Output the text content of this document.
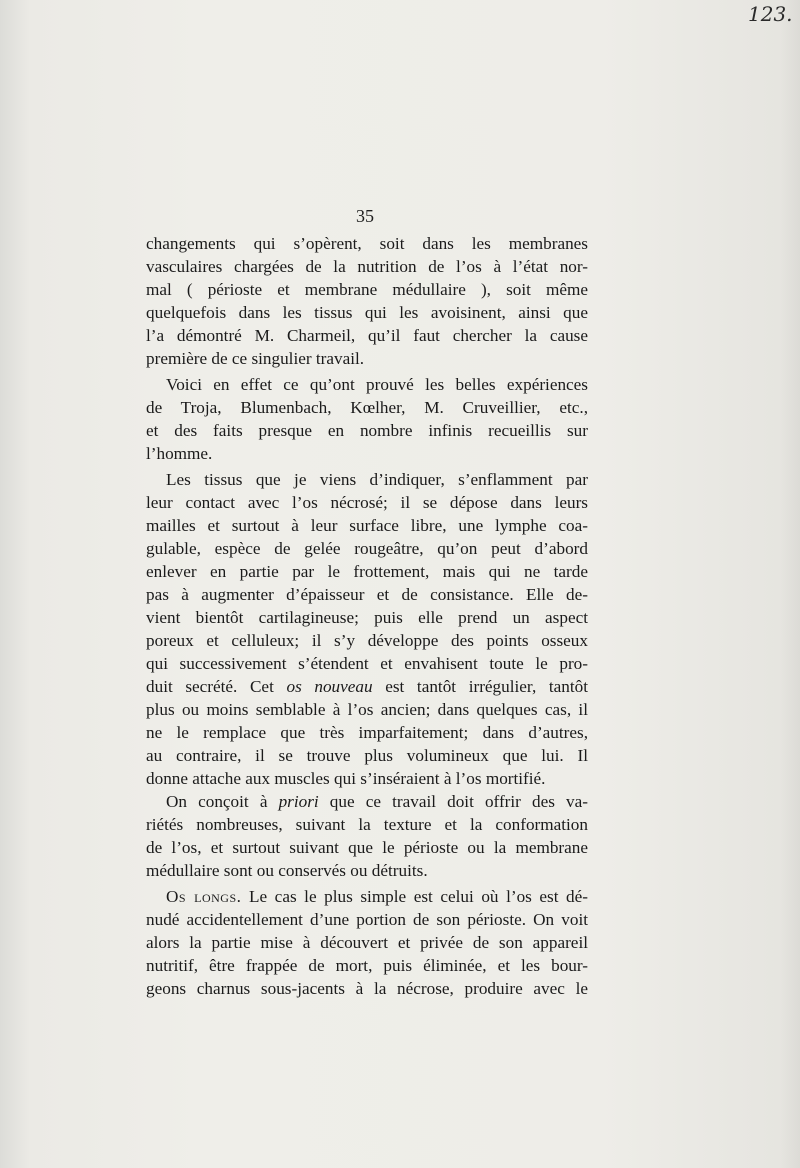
123.
35
changements qui s’opèrent, soit dans les membranes
vasculaires chargées de la nutrition de l’os à l’état nor-
mal ( périoste et membrane médullaire ), soit même
quelquefois dans les tissus qui les avoisinent, ainsi que
l’a démontré M. Charmeil, qu’il faut chercher la cause
première de ce singulier travail.
Voici en effet ce qu’ont prouvé les belles expériences
de Troja, Blumenbach, Kœlher, M. Cruveillier, etc.,
et des faits presque en nombre infinis recueillis sur
l’homme.
Les tissus que je viens d’indiquer, s’enflamment par
leur contact avec l’os nécrosé; il se dépose dans leurs
mailles et surtout à leur surface libre, une lymphe coa-
gulable, espèce de gelée rougeâtre, qu’on peut d’abord
enlever en partie par le frottement, mais qui ne tarde
pas à augmenter d’épaisseur et de consistance. Elle de-
vient bientôt cartilagineuse; puis elle prend un aspect
poreux et celluleux; il s’y développe des points osseux
qui successivement s’étendent et envahisent toute le pro-
duit secrété. Cet os nouveau est tantôt irrégulier, tantôt
plus ou moins semblable à l’os ancien; dans quelques cas, il
ne le remplace que très imparfaitement; dans d’autres,
au contraire, il se trouve plus volumineux que lui. Il
donne attache aux muscles qui s’inséraient à l’os mortifié.
On conçoit à priori que ce travail doit offrir des va-
riétés nombreuses, suivant la texture et la conformation
de l’os, et surtout suivant que le périoste ou la membrane
médullaire sont ou conservés ou détruits.
Os longs. Le cas le plus simple est celui où l’os est dé-
nudé accidentellement d’une portion de son périoste. On voit
alors la partie mise à découvert et privée de son appareil
nutritif, être frappée de mort, puis éliminée, et les bour-
geons charnus sous-jacents à la nécrose, produire avec le
